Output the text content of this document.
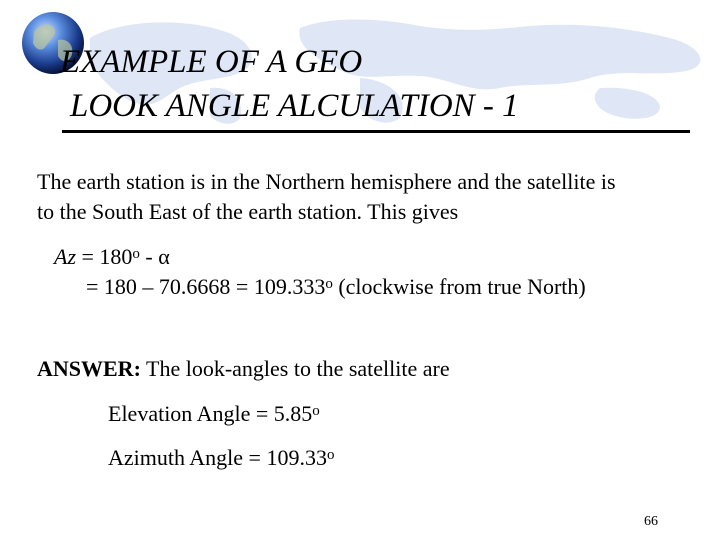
EXAMPLE OF A GEO
LOOK ANGLE ALCULATION - 1
The earth station is in the Northern hemisphere and the satellite is
to the South East of the earth station. This gives
$Az = 180^o - \alpha$
= $180 - 70.6668 = 109.333^o$ (clockwise from true North)
ANSWER: The look-angles to the satellite are
Elevation Angle = $5.85^o$
Azimuth Angle = $109.33^o$
66
